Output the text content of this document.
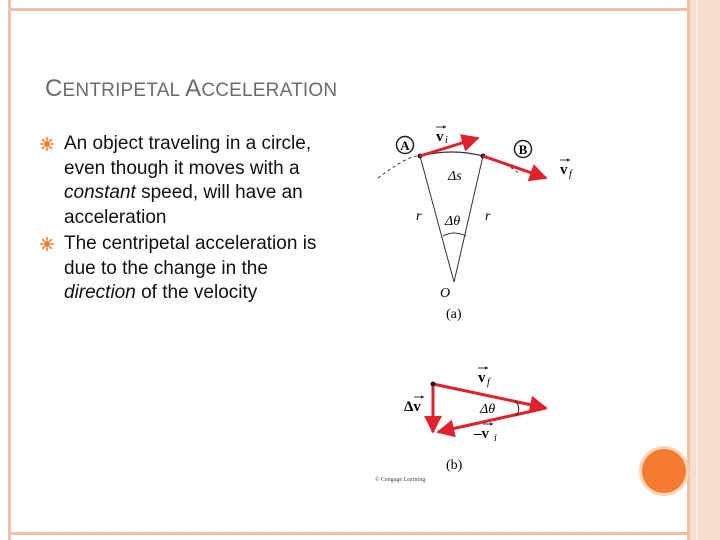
CENTRIPETAL ACCELERATION
An object traveling in a circle, even though it moves with a constant speed, will have an acceleration
The centripetal acceleration is due to the change in the direction of the velocity
A	B
v i
v f
Δs
r	r
Δθ
O
(a)
v f
Δv	Δθ
–v i
(b)
© Cengage Learning
